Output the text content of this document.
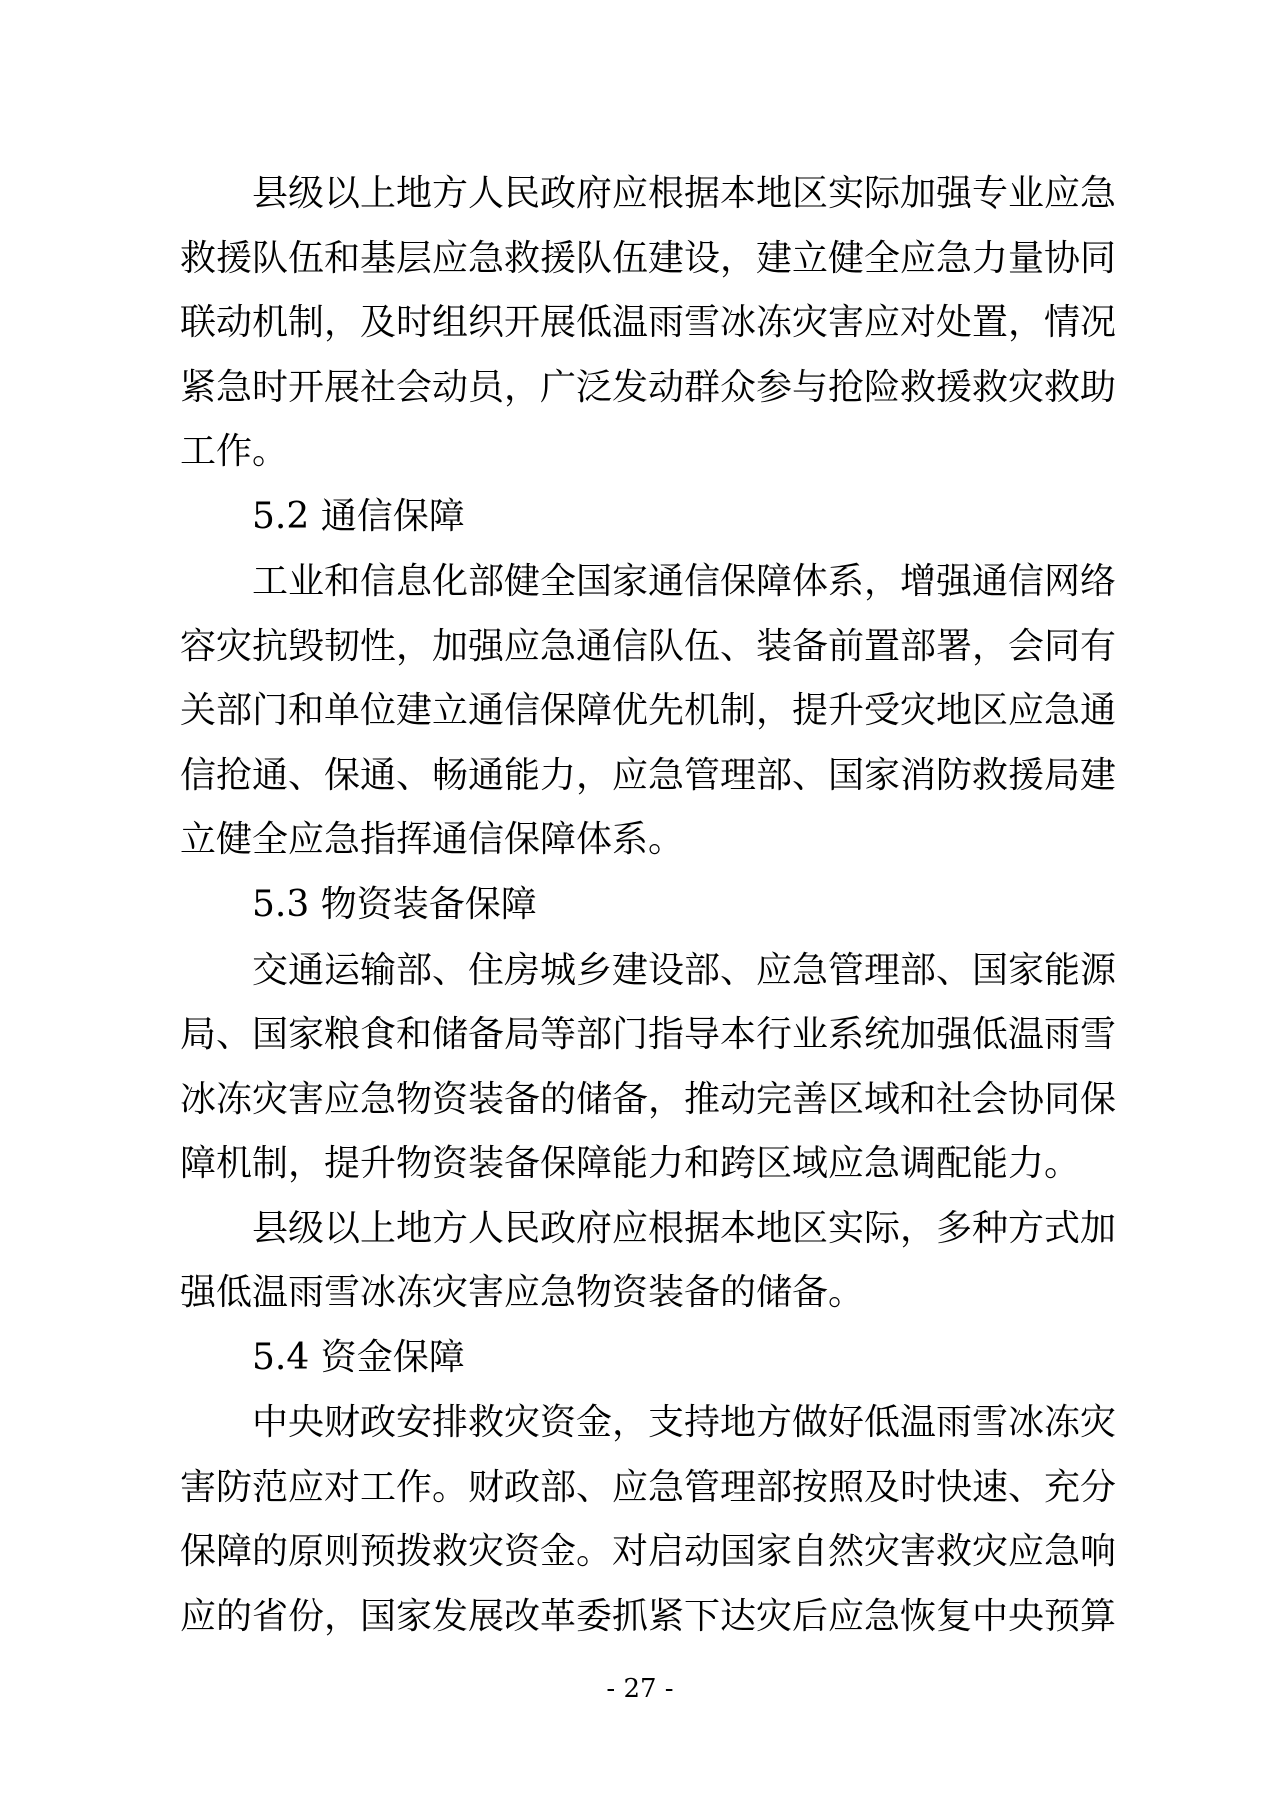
县级以上地方人民政府应根据本地区实际加强专业应急救援队伍和基层应急救援队伍建设，建立健全应急力量协同联动机制，及时组织开展低温雨雪冰冻灾害应对处置，情况紧急时开展社会动员，广泛发动群众参与抢险救援救灾救助工作。

5.2 通信保障

工业和信息化部健全国家通信保障体系，增强通信网络容灾抗毁韧性，加强应急通信队伍、装备前置部署，会同有关部门和单位建立通信保障优先机制，提升受灾地区应急通信抢通、保通、畅通能力，应急管理部、国家消防救援局建立健全应急指挥通信保障体系。

5.3 物资装备保障

交通运输部、住房城乡建设部、应急管理部、国家能源局、国家粮食和储备局等部门指导本行业系统加强低温雨雪冰冻灾害应急物资装备的储备，推动完善区域和社会协同保障机制，提升物资装备保障能力和跨区域应急调配能力。

县级以上地方人民政府应根据本地区实际，多种方式加强低温雨雪冰冻灾害应急物资装备的储备。

5.4 资金保障

中央财政安排救灾资金，支持地方做好低温雨雪冰冻灾害防范应对工作。财政部、应急管理部按照及时快速、充分保障的原则预拨救灾资金。对启动国家自然灾害救灾应急响应的省份，国家发展改革委抓紧下达灾后应急恢复中央预算

- 27 -
